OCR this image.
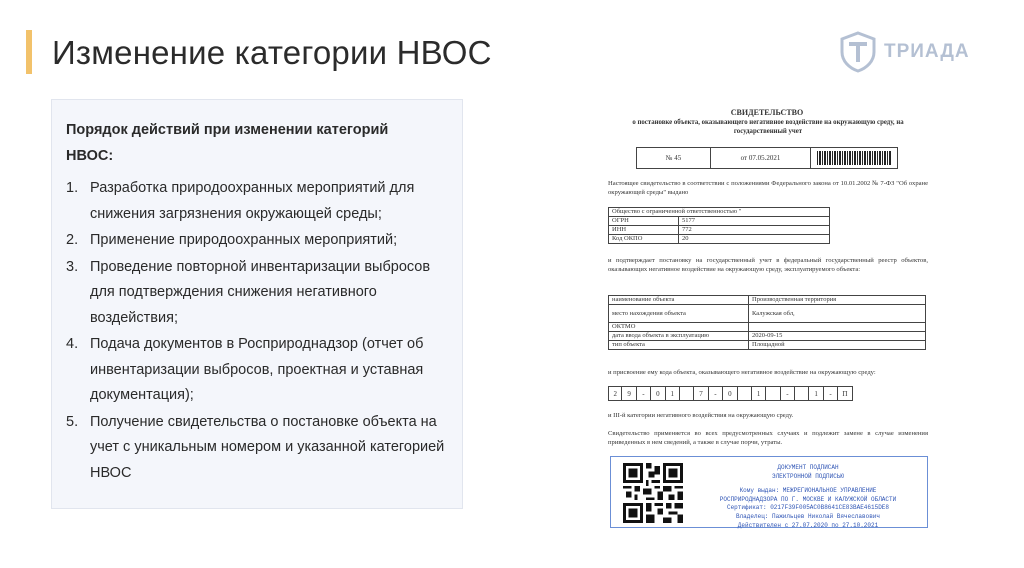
Изменение категории НВОС	ТРИАДА
Порядок действий при изменении категорий НВОС:
1. Разработка природоохранных мероприятий для снижения загрязнения окружающей среды;
2. Применение природоохранных мероприятий;
3. Проведение повторной инвентаризации выбросов для подтверждения снижения негативного воздействия;
4. Подача документов в Росприроднадзор (отчет об инвентаризации выбросов, проектная и уставная документация);
5. Получение свидетельства о постановке объекта на учет с уникальным номером и указанной категорией НВОС
СВИДЕТЕЛЬСТВО
о постановке объекта, оказывающего негативное воздействие на окружающую среду, на государственный учет
№ 45	от 07.05.2021
Настоящее свидетельство в соответствии с положениями Федерального закона от 10.01.2002 № 7-ФЗ "Об охране окружающей среды" выдано
Общество с ограниченной ответственностью "	
ОГРН	5177
ИНН	772
Код ОКПО	20
и подтверждает постановку на государственный учет в федеральный государственный реестр объектов, оказывающих негативное воздействие на окружающую среду, эксплуатируемого объекта:
наименование объекта	Производственная территория
место нахождения объекта	Калужская обл,
ОКТМО	
дата ввода объекта в эксплуатацию	2020-09-15
тип объекта	Площадной
и присвоение ему кода объекта, оказывающего негативное воздействие на окружающую среду:
2	9	-	0	1	7	-	0	1	-	1	-	П
и III-й категории негативного воздействия на окружающую среду.
Свидетельство применяется во всех предусмотренных случаях и подлежит замене в случае изменения приведенных в нем сведений, а также в случае порчи, утраты.
ДОКУМЕНТ ПОДПИСАН
ЭЛЕКТРОННОЙ ПОДПИСЬЮ
Кому выдан: МЕЖРЕГИОНАЛЬНОЕ УПРАВЛЕНИЕ
РОСПРИРОДНАДЗОРА ПО Г. МОСКВЕ И КАЛУЖСКОЙ ОБЛАСТИ
Сертификат: 0217F39F005AC0B8641CE83BAE4615DE8
Владелец: Пажильцев Николай Вячеславович
Действителен с 27.07.2020 по 27.10.2021
